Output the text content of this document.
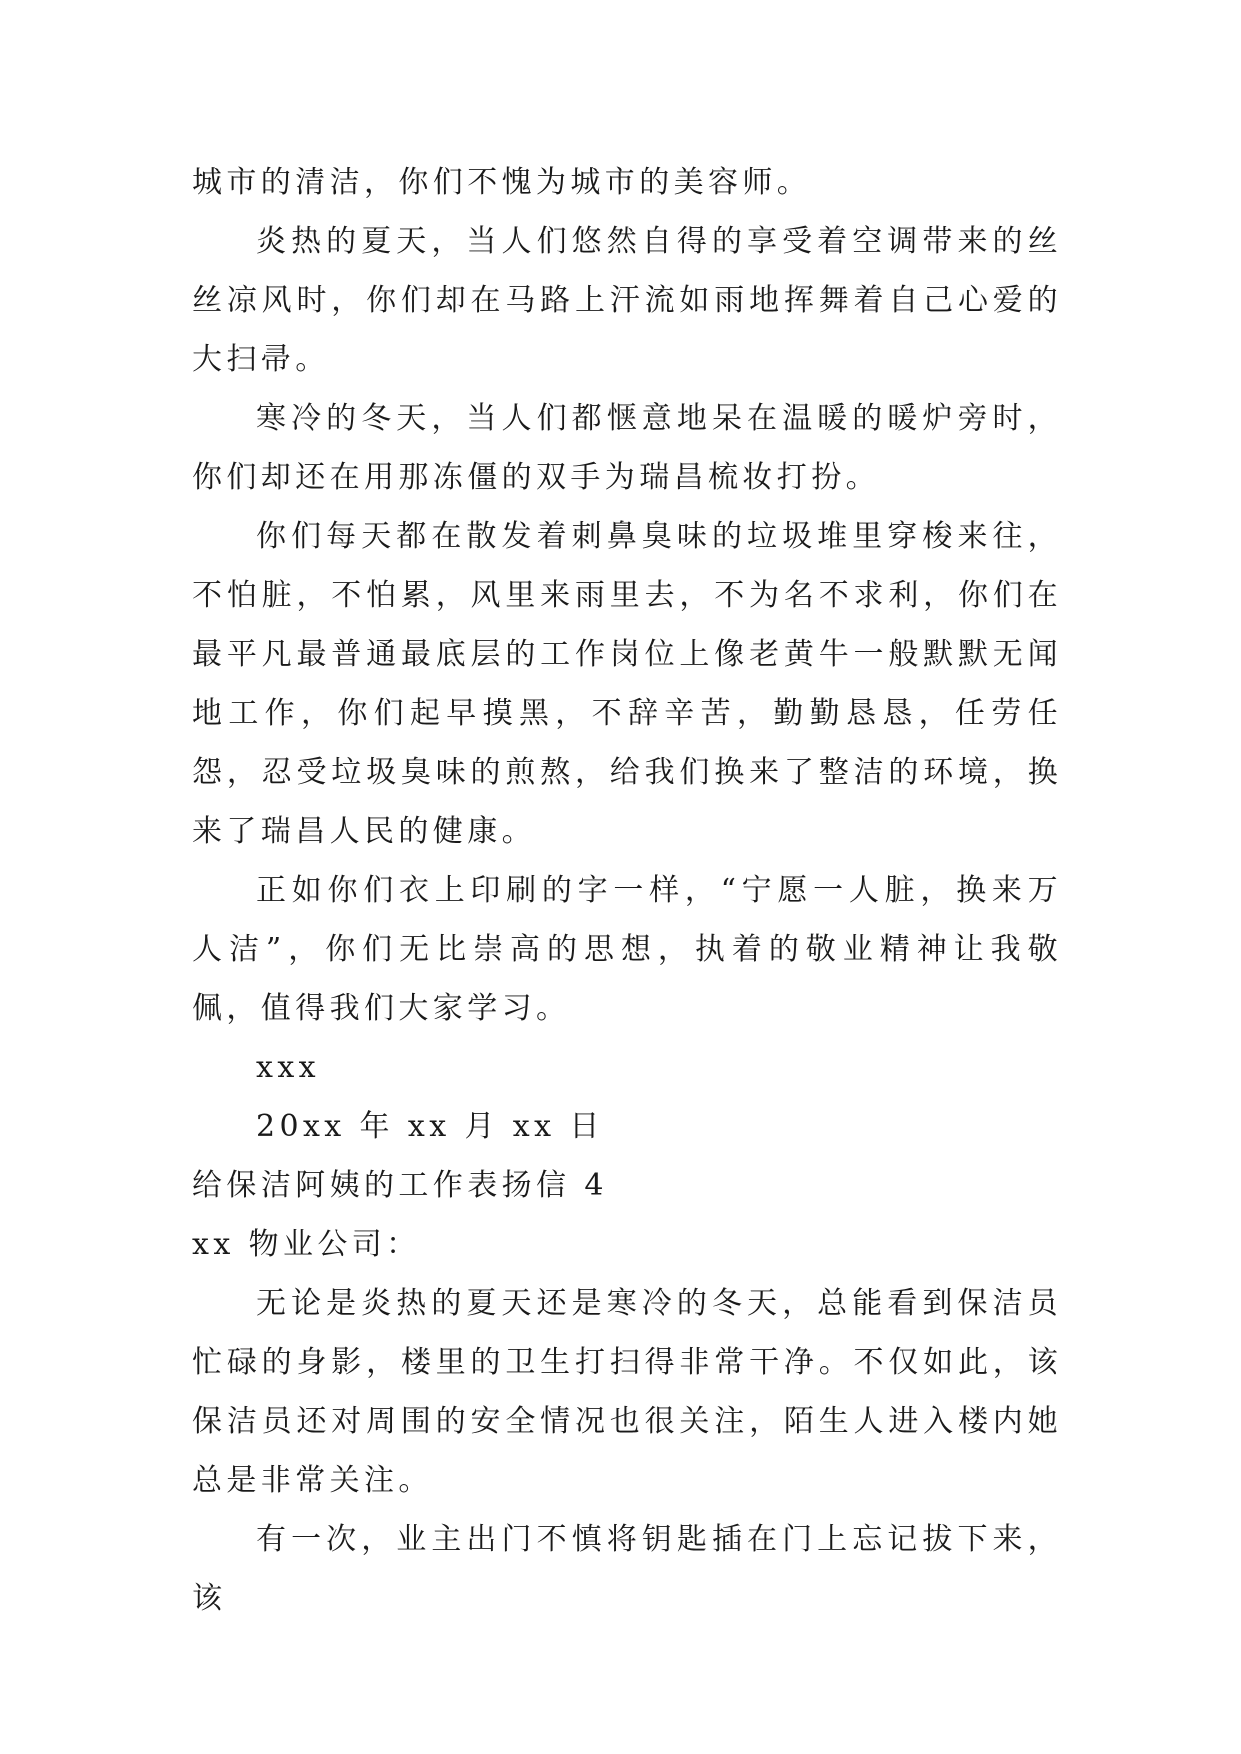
城市的清洁，你们不愧为城市的美容师。

炎热的夏天，当人们悠然自得的享受着空调带来的丝丝凉风时，你们却在马路上汗流如雨地挥舞着自己心爱的大扫帚。

寒冷的冬天，当人们都惬意地呆在温暖的暖炉旁时，你们却还在用那冻僵的双手为瑞昌梳妆打扮。

你们每天都在散发着刺鼻臭味的垃圾堆里穿梭来往，不怕脏，不怕累，风里来雨里去，不为名不求利，你们在最平凡最普通最底层的工作岗位上像老黄牛一般默默无闻地工作，你们起早摸黑，不辞辛苦，勤勤恳恳，任劳任怨，忍受垃圾臭味的煎熬，给我们换来了整洁的环境，换来了瑞昌人民的健康。

正如你们衣上印刷的字一样，“宁愿一人脏，换来万人洁”，你们无比崇高的思想，执着的敬业精神让我敬佩，值得我们大家学习。

xxx

20xx 年 xx 月 xx 日

给保洁阿姨的工作表扬信 4

xx 物业公司：

无论是炎热的夏天还是寒冷的冬天，总能看到保洁员忙碌的身影，楼里的卫生打扫得非常干净。不仅如此，该保洁员还对周围的安全情况也很关注，陌生人进入楼内她总是非常关注。

有一次，业主出门不慎将钥匙插在门上忘记拔下来，该
